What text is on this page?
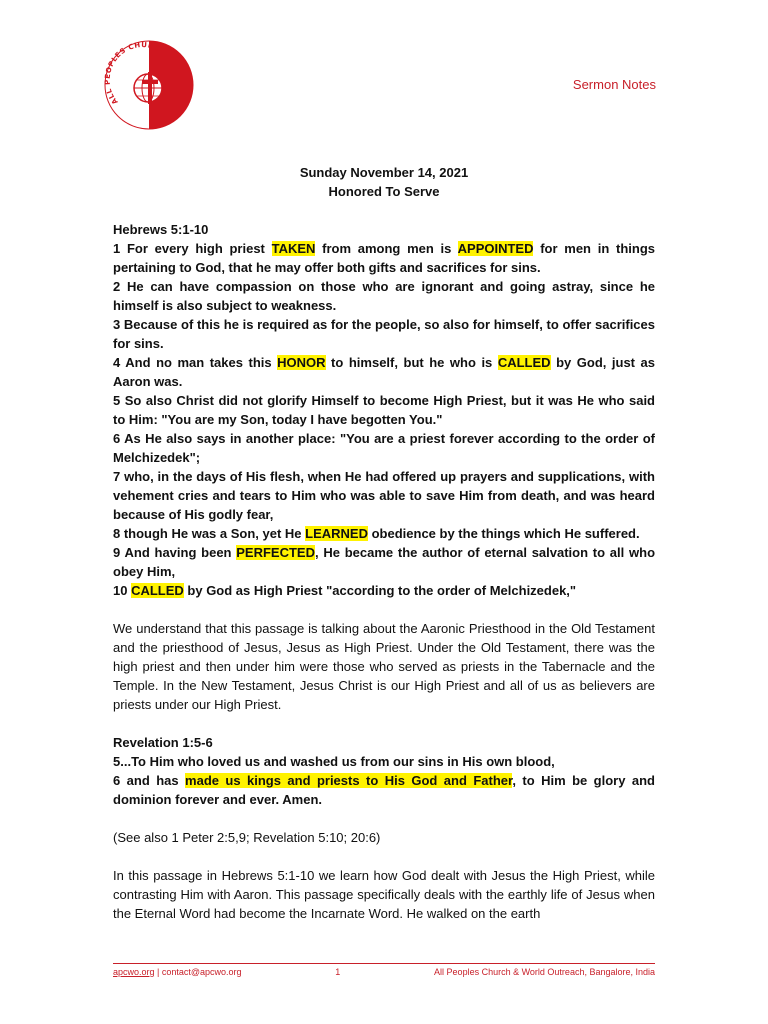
ALL PEOPLES CHURC
Sermon Notes
Sunday November 14, 2021
Honored To Serve

Hebrews 5:1-10

1 For every high priest TAKEN from among men is APPOINTED for men in things pertaining to God, that he may offer both gifts and sacrifices for sins.

2 He can have compassion on those who are ignorant and going astray, since he himself is also subject to weakness.

3 Because of this he is required as for the people, so also for himself, to offer sacrifices for sins.

4 And no man takes this HONOR to himself, but he who is CALLED by God, just as Aaron was.

5 So also Christ did not glorify Himself to become High Priest, but it was He who said to Him: "You are my Son, today I have begotten You."

6 As He also says in another place: "You are a priest forever according to the order of Melchizedek";

7 who, in the days of His flesh, when He had offered up prayers and supplications, with vehement cries and tears to Him who was able to save Him from death, and was heard because of His godly fear,

8 though He was a Son, yet He LEARNED obedience by the things which He suffered.

9 And having been PERFECTED, He became the author of eternal salvation to all who obey Him,

10 CALLED by God as High Priest "according to the order of Melchizedek,"

We understand that this passage is talking about the Aaronic Priesthood in the Old Testament and the priesthood of Jesus, Jesus as High Priest. Under the Old Testament, there was the high priest and then under him were those who served as priests in the Tabernacle and the Temple. In the New Testament, Jesus Christ is our High Priest and all of us as believers are priests under our High Priest.

Revelation 1:5-6

5...To Him who loved us and washed us from our sins in His own blood,

6 and has made us kings and priests to His God and Father, to Him be glory and dominion forever and ever. Amen.

(See also 1 Peter 2:5,9; Revelation 5:10; 20:6)

In this passage in Hebrews 5:1-10 we learn how God dealt with Jesus the High Priest, while contrasting Him with Aaron. This passage specifically deals with the earthly life of Jesus when the Eternal Word had become the Incarnate Word. He walked on the earth

apcwo.org | contact@apcwo.org	1	All Peoples Church & World Outreach, Bangalore, India
